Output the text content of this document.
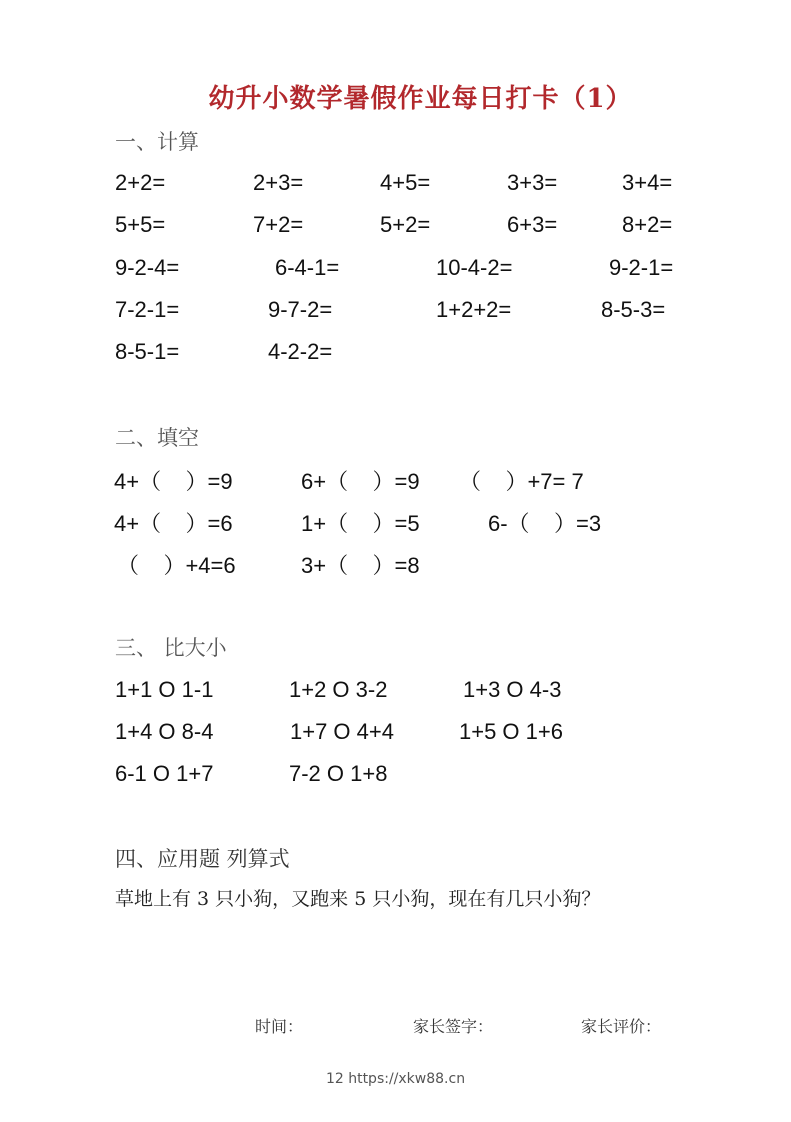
幼升小数学暑假作业每日打卡（1）
一、计算
2+2=	2+3=	4+5=	3+3=	3+4=
5+5=	7+2=	5+2=	6+3=	8+2=
9-2-4=	6-4-1=	10-4-2=	9-2-1=
7-2-1=	9-7-2=	1+2+2=	8-5-3=
8-5-1=	4-2-2=
二、填空
4+（    ）=9	6+（    ）=9 （    ）+7= 7
4+（    ）=6	1+（    ）=5	6-（    ）=3
（    ）+4=6	3+（    ）=8
三、 比大小
1+1 O 1-1	1+2 O 3-2	1+3 O 4-3
1+4 O 8-4	1+7 O 4+4	1+5 O 1+6
6-1 O 1+7	7-2 O 1+8
四、应用题 列算式
草地上有 3 只小狗，又跑来 5 只小狗，现在有几只小狗？
时间：	家长签字：	家长评价：
12 https://xkw88.cn
